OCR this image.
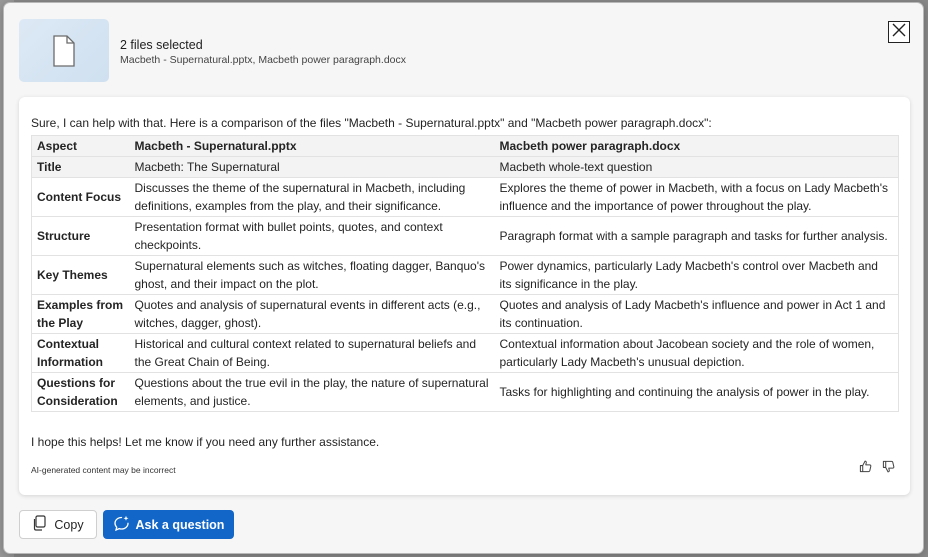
2 files selected
Macbeth - Supernatural.pptx, Macbeth power paragraph.docx
Sure, I can help with that. Here is a comparison of the files "Macbeth - Supernatural.pptx" and "Macbeth power paragraph.docx":
Aspect	Macbeth - Supernatural.pptx	Macbeth power paragraph.docx
Title	Macbeth: The Supernatural	Macbeth whole-text question
Content Focus	Discusses the theme of the supernatural in Macbeth, including definitions, examples from the play, and their significance.	Explores the theme of power in Macbeth, with a focus on Lady Macbeth's influence and the importance of power throughout the play.
Structure	Presentation format with bullet points, quotes, and context checkpoints.	Paragraph format with a sample paragraph and tasks for further analysis.
Key Themes	Supernatural elements such as witches, floating dagger, Banquo's ghost, and their impact on the plot.	Power dynamics, particularly Lady Macbeth's control over Macbeth and its significance in the play.
Examples from the Play	Quotes and analysis of supernatural events in different acts (e.g., witches, dagger, ghost).	Quotes and analysis of Lady Macbeth's influence and power in Act 1 and its continuation.
Contextual Information	Historical and cultural context related to supernatural beliefs and the Great Chain of Being.	Contextual information about Jacobean society and the role of women, particularly Lady Macbeth's unusual depiction.
Questions for Consideration	Questions about the true evil in the play, the nature of supernatural elements, and justice.	Tasks for highlighting and continuing the analysis of power in the play.
I hope this helps! Let me know if you need any further assistance.
AI-generated content may be incorrect
Copy	Ask a question
